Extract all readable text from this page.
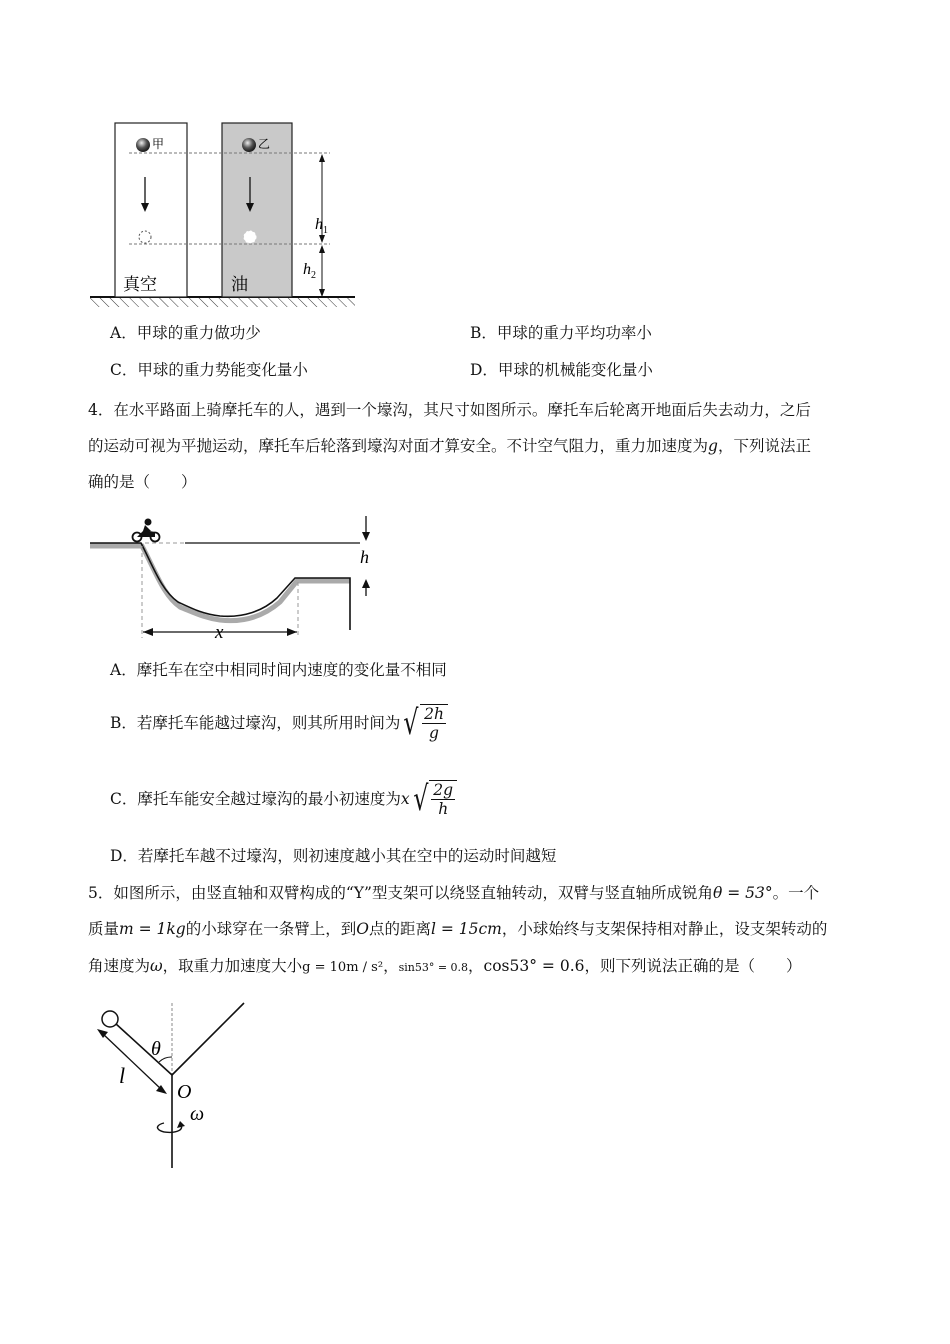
甲	乙
真空	油
$h_1$
$h_2$
A．甲球的重力做功少	B．甲球的重力平均功率小
C．甲球的重力势能变化量小	D．甲球的机械能变化量小
4．在水平路面上骑摩托车的人，遇到一个壕沟，其尺寸如图所示。摩托车后轮离开地面后失去动力，之后
的运动可视为平抛运动，摩托车后轮落到壕沟对面才算安全。不计空气阻力，重力加速度为g，下列说法正
确的是（　　）
x
h
A．摩托车在空中相同时间内速度的变化量不相同
B．若摩托车能越过壕沟，则其所用时间为 √ $\frac{2h}{g}$
C．摩托车能安全越过壕沟的最小初速度为 x √ $\frac{2g}{h}$
D．若摩托车越不过壕沟，则初速度越小其在空中的运动时间越短
5．如图所示，由竖直轴和双臂构成的“Y”型支架可以绕竖直轴转动，双臂与竖直轴所成锐角θ = 53°。一个
质量m = 1kg的小球穿在一条臂上，到O点的距离l = 15cm，小球始终与支架保持相对静止，设支架转动的
角速度为ω，取重力加速度大小g = 10m / s²，sin53° = 0.8，cos53° = 0.6，则下列说法正确的是（　　）
θ
l
O
ω
